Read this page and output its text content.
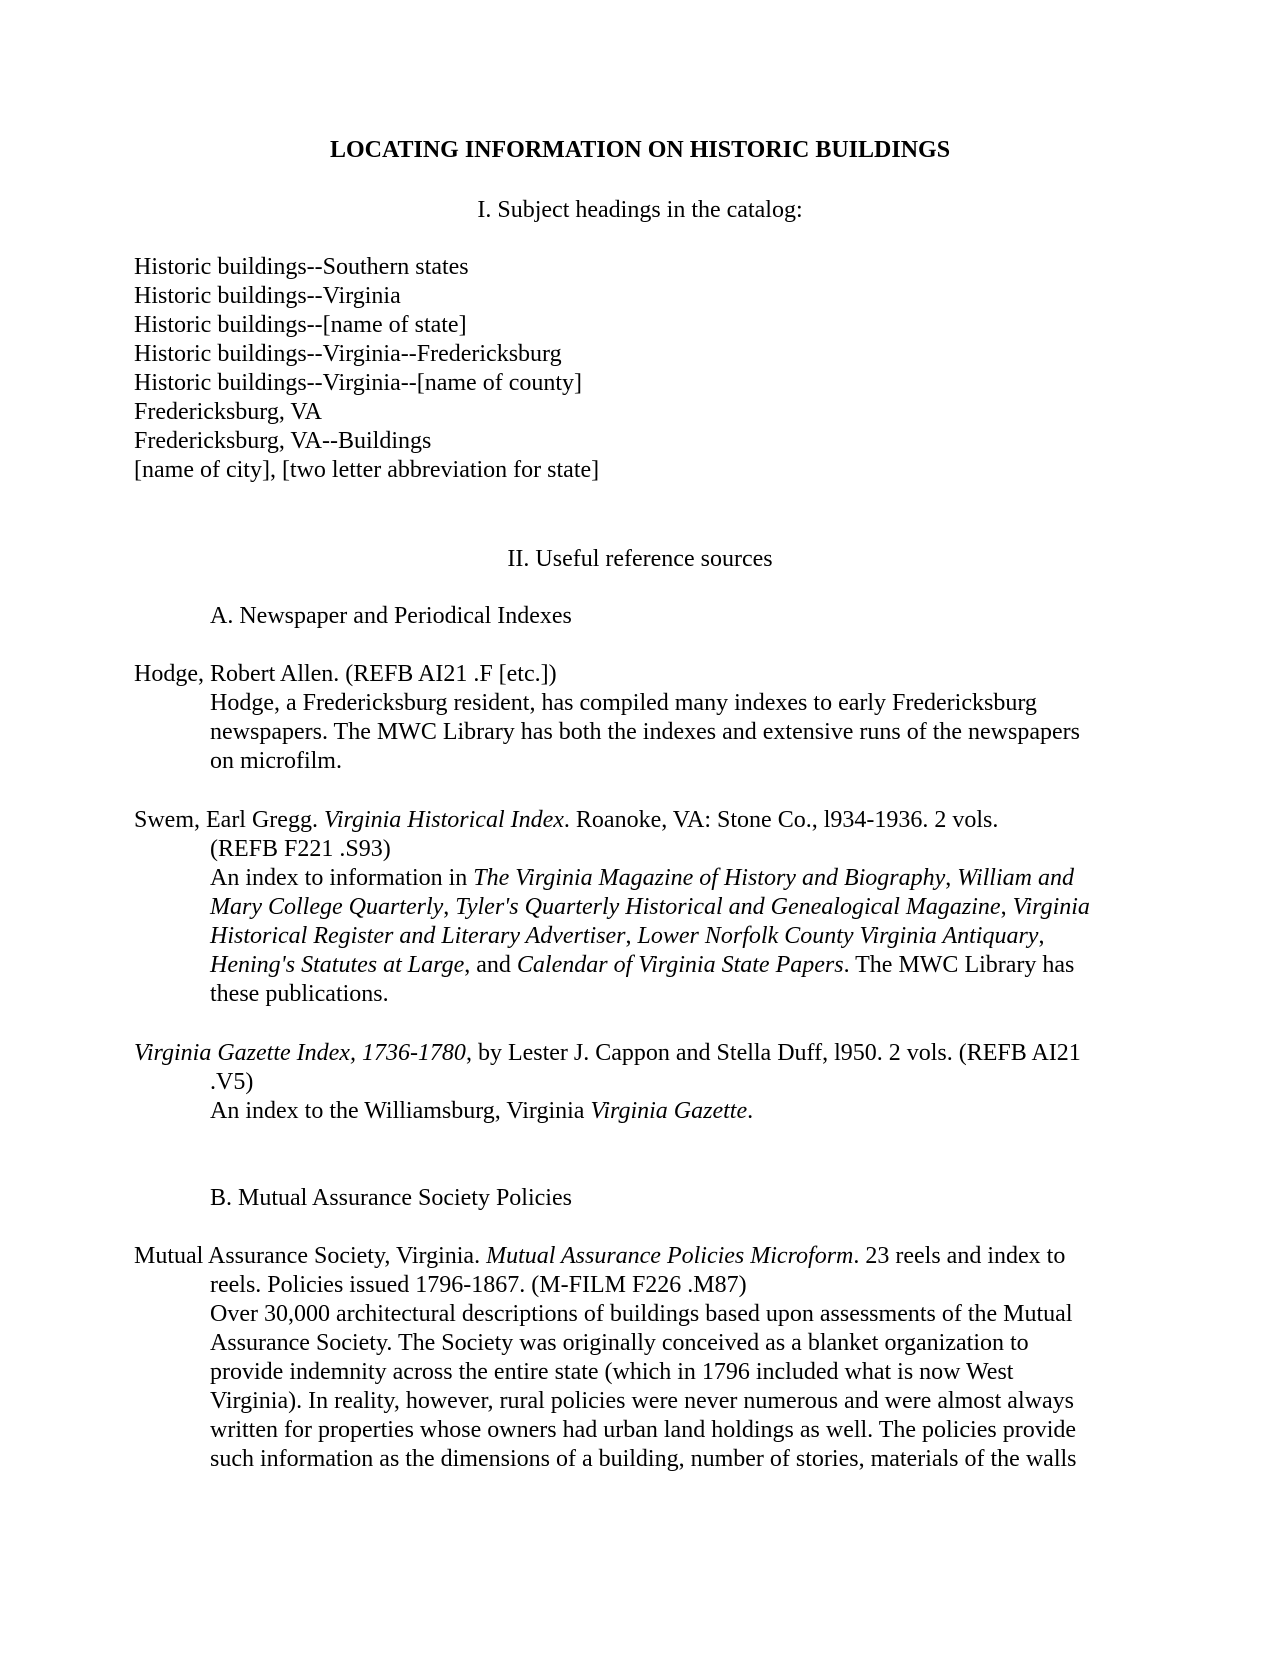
LOCATING INFORMATION ON HISTORIC BUILDINGS
I. Subject headings in the catalog:
Historic buildings--Southern states
Historic buildings--Virginia
Historic buildings--[name of state]
Historic buildings--Virginia--Fredericksburg
Historic buildings--Virginia--[name of county]
Fredericksburg, VA
Fredericksburg, VA--Buildings
[name of city], [two letter abbreviation for state]
II. Useful reference sources
A. Newspaper and Periodical Indexes
Hodge, Robert Allen. (REFB AI21 .F [etc.])
Hodge, a Fredericksburg resident, has compiled many indexes to early Fredericksburg
newspapers. The MWC Library has both the indexes and extensive runs of the newspapers
on microfilm.
Swem, Earl Gregg. Virginia Historical Index. Roanoke, VA: Stone Co., l934-1936. 2 vols.
(REFB F221 .S93)
An index to information in The Virginia Magazine of History and Biography, William and
Mary College Quarterly, Tyler's Quarterly Historical and Genealogical Magazine, Virginia
Historical Register and Literary Advertiser, Lower Norfolk County Virginia Antiquary,
Hening's Statutes at Large, and Calendar of Virginia State Papers. The MWC Library has
these publications.
Virginia Gazette Index, 1736-1780, by Lester J. Cappon and Stella Duff, l950. 2 vols. (REFB AI21
.V5)
An index to the Williamsburg, Virginia Virginia Gazette.
B. Mutual Assurance Society Policies
Mutual Assurance Society, Virginia. Mutual Assurance Policies Microform. 23 reels and index to
reels. Policies issued 1796-1867. (M-FILM F226 .M87)
Over 30,000 architectural descriptions of buildings based upon assessments of the Mutual
Assurance Society. The Society was originally conceived as a blanket organization to
provide indemnity across the entire state (which in 1796 included what is now West
Virginia). In reality, however, rural policies were never numerous and were almost always
written for properties whose owners had urban land holdings as well. The policies provide
such information as the dimensions of a building, number of stories, materials of the walls
